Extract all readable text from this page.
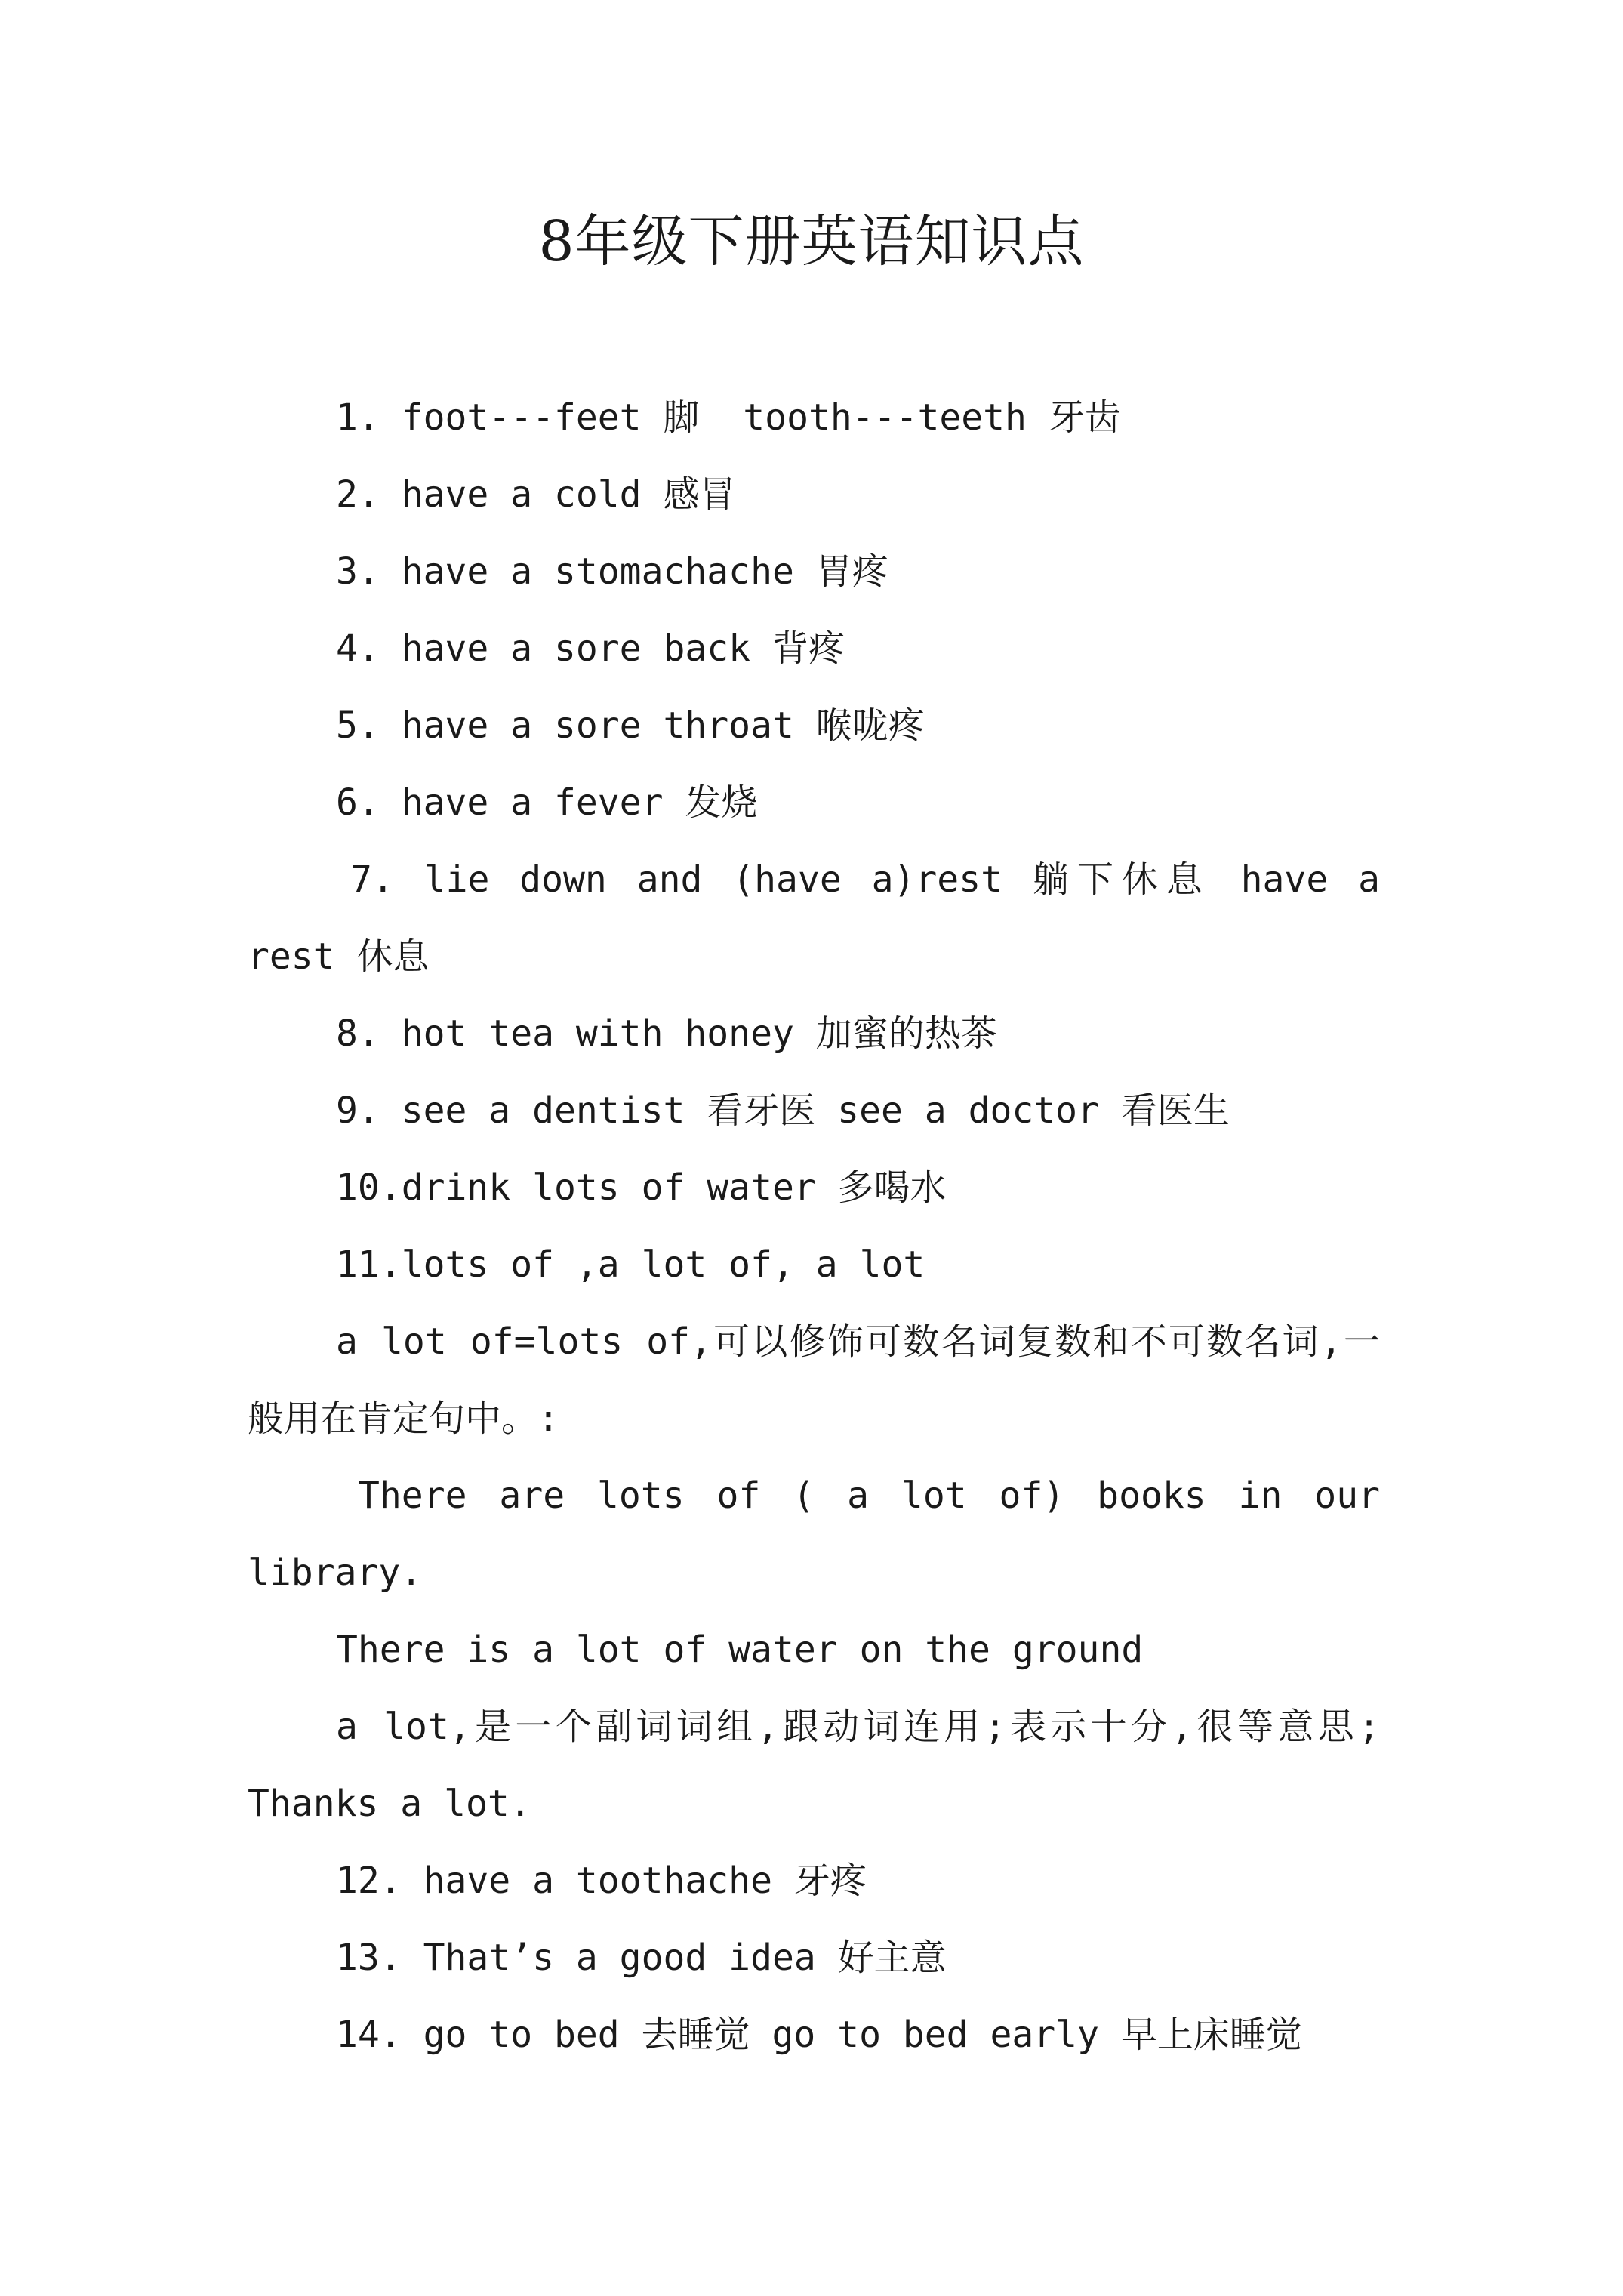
8年级下册英语知识点

1. foot---feet 脚  tooth---teeth 牙齿

2. have a cold 感冒

3. have a stomachache 胃疼

4. have a sore back 背疼

5. have a sore throat 喉咙疼

6. have a fever 发烧

7. lie down and (have a)rest 躺下休息 have a rest 休息

8. hot tea with honey 加蜜的热茶

9. see a dentist 看牙医 see a doctor 看医生

10.drink lots of water 多喝水

11.lots of ,a lot of, a lot

a lot of=lots of,可以修饰可数名词复数和不可数名词,一般用在肯定句中。:

There are lots of ( a lot of) books in our library.

There is a lot of water on the ground

a lot,是一个副词词组,跟动词连用;表示十分,很等意思; Thanks a lot.

12. have a toothache 牙疼

13. That’s a good idea 好主意

14. go to bed 去睡觉 go to bed early 早上床睡觉
